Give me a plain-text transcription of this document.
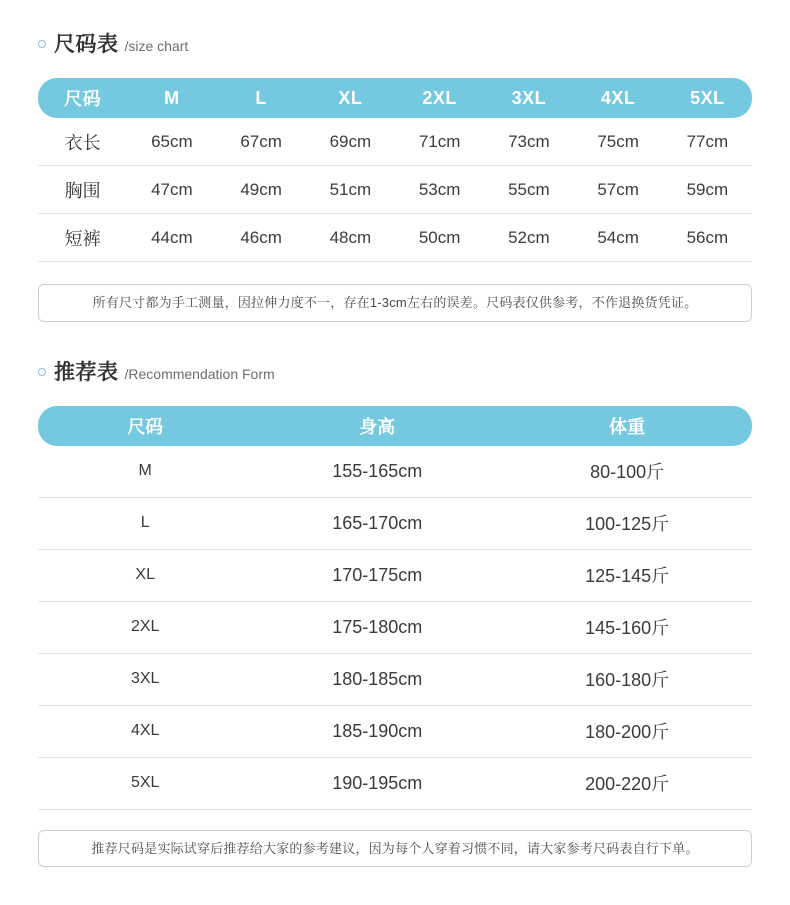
尺码表 /size chart
尺码	M	L	XL	2XL	3XL	4XL	5XL
衣长	65cm	67cm	69cm	71cm	73cm	75cm	77cm
胸围	47cm	49cm	51cm	53cm	55cm	57cm	59cm
短裤	44cm	46cm	48cm	50cm	52cm	54cm	56cm
所有尺寸都为手工测量，因拉伸力度不一，存在1-3cm左右的误差。尺码表仅供参考，不作退换货凭证。
推荐表 /Recommendation Form
尺码	身高	体重
M	155-165cm	80-100斤
L	165-170cm	100-125斤
XL	170-175cm	125-145斤
2XL	175-180cm	145-160斤
3XL	180-185cm	160-180斤
4XL	185-190cm	180-200斤
5XL	190-195cm	200-220斤
推荐尺码是实际试穿后推荐给大家的参考建议，因为每个人穿着习惯不同，请大家参考尺码表自行下单。
